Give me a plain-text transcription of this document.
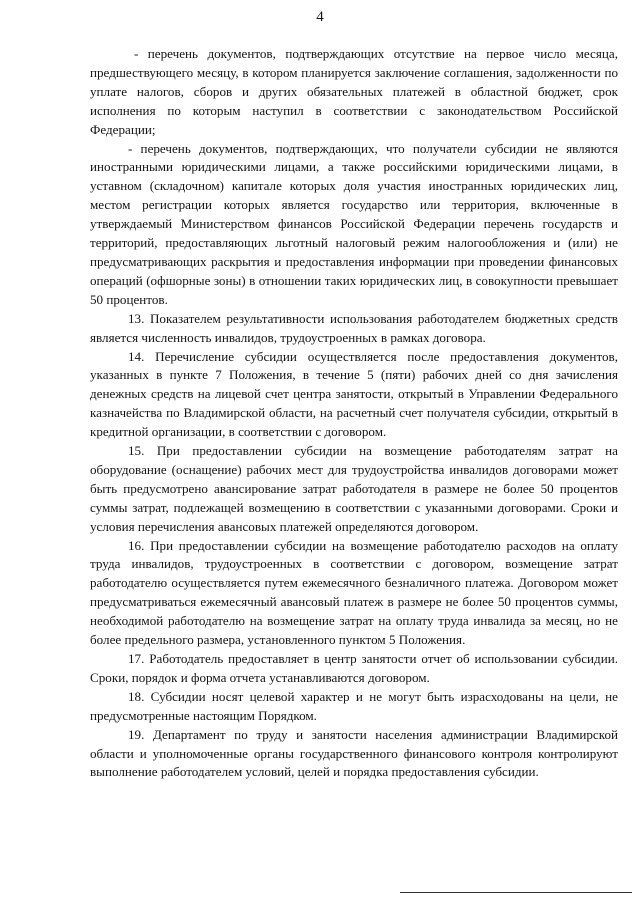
4

- перечень документов, подтверждающих отсутствие на первое число месяца, предшествующего месяцу, в котором планируется заключение соглашения, задолженности по уплате налогов, сборов и других обязательных платежей в областной бюджет, срок исполнения по которым наступил в соответствии с законодательством Российской Федерации;

- перечень документов, подтверждающих, что получатели субсидии не являются иностранными юридическими лицами, а также российскими юридическими лицами, в уставном (складочном) капитале которых доля участия иностранных юридических лиц, местом регистрации которых является государство или территория, включенные в утверждаемый Министерством финансов Российской Федерации перечень государств и территорий, предоставляющих льготный налоговый режим налогообложения и (или) не предусматривающих раскрытия и предоставления информации при проведении финансовых операций (офшорные зоны) в отношении таких юридических лиц, в совокупности превышает 50 процентов.

13. Показателем результативности использования работодателем бюджетных средств является численность инвалидов, трудоустроенных в рамках договора.

14. Перечисление субсидии осуществляется после предоставления документов, указанных в пункте 7 Положения, в течение 5 (пяти) рабочих дней со дня зачисления денежных средств на лицевой счет центра занятости, открытый в Управлении Федерального казначейства по Владимирской области, на расчетный счет получателя субсидии, открытый в кредитной организации, в соответствии с договором.

15. При предоставлении субсидии на возмещение работодателям затрат на оборудование (оснащение) рабочих мест для трудоустройства инвалидов договорами может быть предусмотрено авансирование затрат работодателя в размере не более 50 процентов суммы затрат, подлежащей возмещению в соответствии с указанными договорами. Сроки и условия перечисления авансовых платежей определяются договором.

16. При предоставлении субсидии на возмещение работодателю расходов на оплату труда инвалидов, трудоустроенных в соответствии с договором, возмещение затрат работодателю осуществляется путем ежемесячного безналичного платежа. Договором может предусматриваться ежемесячный авансовый платеж в размере не более 50 процентов суммы, необходимой работодателю на возмещение затрат на оплату труда инвалида за месяц, но не более предельного размера, установленного пунктом 5 Положения.

17. Работодатель предоставляет в центр занятости отчет об использовании субсидии. Сроки, порядок и форма отчета устанавливаются договором.

18. Субсидии носят целевой характер и не могут быть израсходованы на цели, не предусмотренные настоящим Порядком.

19. Департамент по труду и занятости населения администрации Владимирской области и уполномоченные органы государственного финансового контроля контролируют выполнение работодателем условий, целей и порядка предоставления субсидии.
